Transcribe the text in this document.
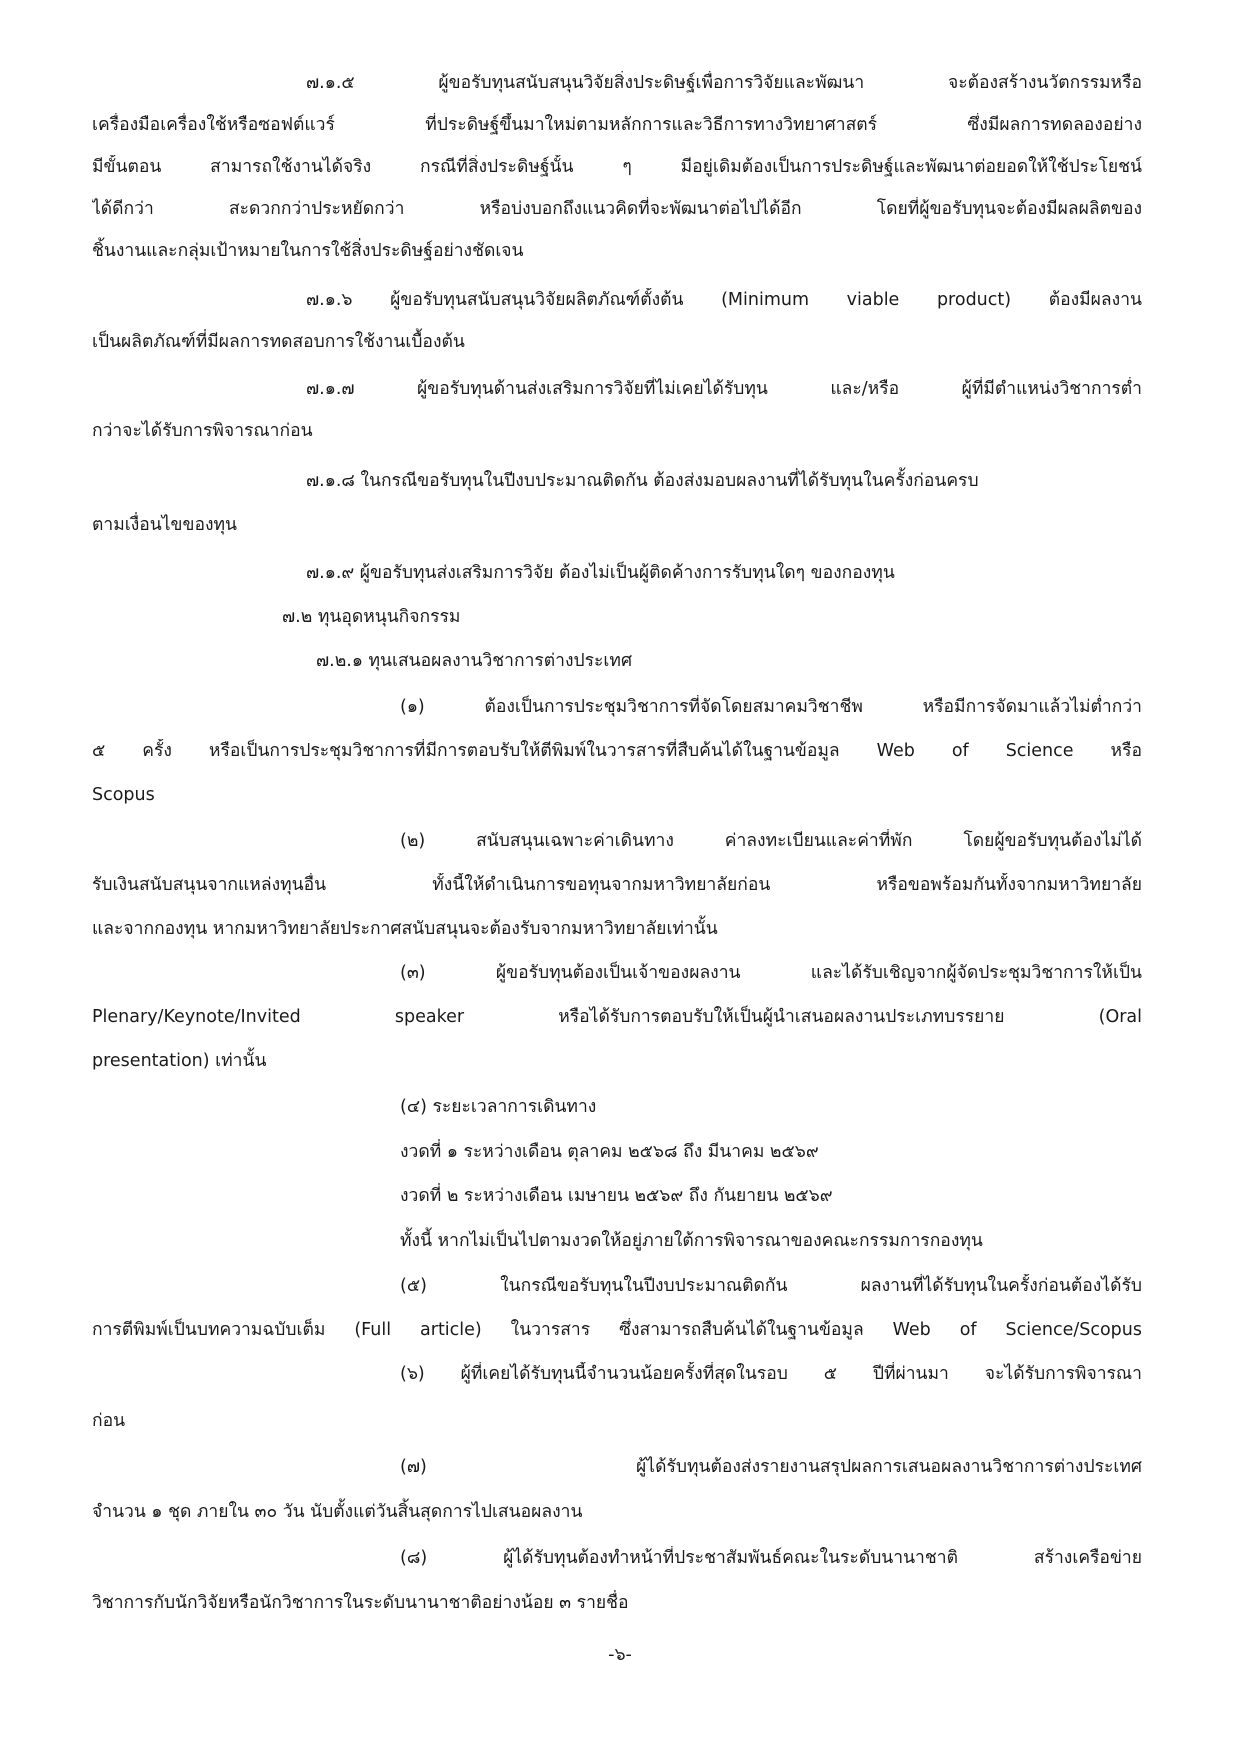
๗.๑.๕ ผู้ขอรับทุนสนับสนุนวิจัยสิ่งประดิษฐ์เพื่อการวิจัยและพัฒนา จะต้องสร้างนวัตกรรมหรือ
เครื่องมือเครื่องใช้หรือซอฟต์แวร์ ที่ประดิษฐ์ขึ้นมาใหม่ตามหลักการและวิธีการทางวิทยาศาสตร์ ซึ่งมีผลการทดลองอย่าง
มีขั้นตอน สามารถใช้งานได้จริง กรณีที่สิ่งประดิษฐ์นั้น ๆ มีอยู่เดิมต้องเป็นการประดิษฐ์และพัฒนาต่อยอดให้ใช้ประโยชน์
ได้ดีกว่า สะดวกกว่าประหยัดกว่า หรือบ่งบอกถึงแนวคิดที่จะพัฒนาต่อไปได้อีก โดยที่ผู้ขอรับทุนจะต้องมีผลผลิตของ
ชิ้นงานและกลุ่มเป้าหมายในการใช้สิ่งประดิษฐ์อย่างชัดเจน
๗.๑.๖ ผู้ขอรับทุนสนับสนุนวิจัยผลิตภัณฑ์ตั้งต้น (Minimum viable product) ต้องมีผลงาน
เป็นผลิตภัณฑ์ที่มีผลการทดสอบการใช้งานเบื้องต้น
๗.๑.๗ ผู้ขอรับทุนด้านส่งเสริมการวิจัยที่ไม่เคยได้รับทุน และ/หรือ ผู้ที่มีตำแหน่งวิชาการต่ำ
กว่าจะได้รับการพิจารณาก่อน
๗.๑.๘ ในกรณีขอรับทุนในปีงบประมาณติดกัน ต้องส่งมอบผลงานที่ได้รับทุนในครั้งก่อนครบ
ตามเงื่อนไขของทุน
๗.๑.๙ ผู้ขอรับทุนส่งเสริมการวิจัย ต้องไม่เป็นผู้ติดค้างการรับทุนใดๆ ของกองทุน
๗.๒ ทุนอุดหนุนกิจกรรม
๗.๒.๑ ทุนเสนอผลงานวิชาการต่างประเทศ
(๑) ต้องเป็นการประชุมวิชาการที่จัดโดยสมาคมวิชาชีพ หรือมีการจัดมาแล้วไม่ต่ำกว่า
๕ ครั้ง หรือเป็นการประชุมวิชาการที่มีการตอบรับให้ตีพิมพ์ในวารสารที่สืบค้นได้ในฐานข้อมูล Web of Science หรือ
Scopus
(๒) สนับสนุนเฉพาะค่าเดินทาง ค่าลงทะเบียนและค่าที่พัก โดยผู้ขอรับทุนต้องไม่ได้
รับเงินสนับสนุนจากแหล่งทุนอื่น ทั้งนี้ให้ดำเนินการขอทุนจากมหาวิทยาลัยก่อน หรือขอพร้อมกันทั้งจากมหาวิทยาลัย
และจากกองทุน หากมหาวิทยาลัยประกาศสนับสนุนจะต้องรับจากมหาวิทยาลัยเท่านั้น
(๓) ผู้ขอรับทุนต้องเป็นเจ้าของผลงาน และได้รับเชิญจากผู้จัดประชุมวิชาการให้เป็น
Plenary/Keynote/Invited speaker หรือได้รับการตอบรับให้เป็นผู้นำเสนอผลงานประเภทบรรยาย (Oral
presentation) เท่านั้น
(๔) ระยะเวลาการเดินทาง
งวดที่ ๑ ระหว่างเดือน ตุลาคม ๒๕๖๘ ถึง มีนาคม ๒๕๖๙
งวดที่ ๒ ระหว่างเดือน เมษายน ๒๕๖๙ ถึง กันยายน ๒๕๖๙
ทั้งนี้ หากไม่เป็นไปตามงวดให้อยู่ภายใต้การพิจารณาของคณะกรรมการกองทุน
(๕) ในกรณีขอรับทุนในปีงบประมาณติดกัน ผลงานที่ได้รับทุนในครั้งก่อนต้องได้รับ
การตีพิมพ์เป็นบทความฉบับเต็ม (Full article) ในวารสาร ซึ่งสามารถสืบค้นได้ในฐานข้อมูล Web of Science/Scopus
(๖) ผู้ที่เคยได้รับทุนนี้จำนวนน้อยครั้งที่สุดในรอบ ๕ ปีที่ผ่านมา จะได้รับการพิจารณา
ก่อน
(๗) ผู้ได้รับทุนต้องส่งรายงานสรุปผลการเสนอผลงานวิชาการต่างประเทศ
จำนวน ๑ ชุด ภายใน ๓๐ วัน นับตั้งแต่วันสิ้นสุดการไปเสนอผลงาน
(๘) ผู้ได้รับทุนต้องทำหน้าที่ประชาสัมพันธ์คณะในระดับนานาชาติ สร้างเครือข่าย
วิชาการกับนักวิจัยหรือนักวิชาการในระดับนานาชาติอย่างน้อย ๓ รายชื่อ
-๖-
